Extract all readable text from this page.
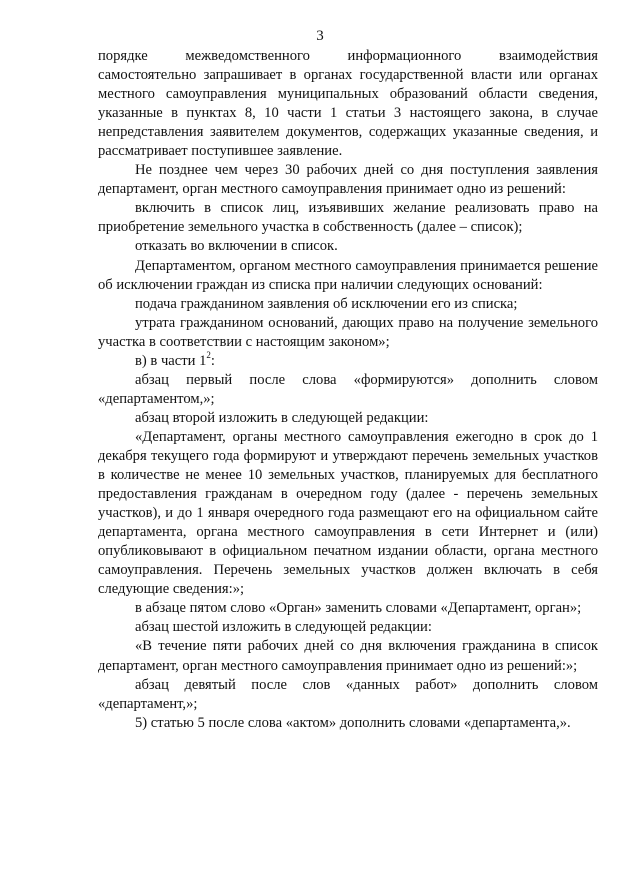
3

порядке межведомственного информационного взаимодействия самостоятельно запрашивает в органах государственной власти или органах местного самоуправления муниципальных образований области сведения, указанные в пунктах 8, 10 части 1 статьи 3 настоящего закона, в случае непредставления заявителем документов, содержащих указанные сведения, и рассматривает поступившее заявление.

Не позднее чем через 30 рабочих дней со дня поступления заявления департамент, орган местного самоуправления принимает одно из решений:

включить в список лиц, изъявивших желание реализовать право на приобретение земельного участка в собственность (далее – список);

отказать во включении в список.

Департаментом, органом местного самоуправления принимается решение об исключении граждан из списка при наличии следующих оснований:

подача гражданином заявления об исключении его из списка;

утрата гражданином оснований, дающих право на получение земельного участка в соответствии с настоящим законом»;

в) в части $1^2$:

абзац первый после слова «формируются» дополнить словом «департаментом,»;

абзац второй изложить в следующей редакции:

«Департамент, органы местного самоуправления ежегодно в срок до 1 декабря текущего года формируют и утверждают перечень земельных участков в количестве не менее 10 земельных участков, планируемых для бесплатного предоставления гражданам в очередном году (далее - перечень земельных участков), и до 1 января очередного года размещают его на официальном сайте департамента, органа местного самоуправления в сети Интернет и (или) опубликовывают в официальном печатном издании области, органа местного самоуправления. Перечень земельных участков должен включать в себя следующие сведения:»;

в абзаце пятом слово «Орган» заменить словами «Департамент, орган»;

абзац шестой изложить в следующей редакции:

«В течение пяти рабочих дней со дня включения гражданина в список департамент, орган местного самоуправления принимает одно из решений:»;

абзац девятый после слов «данных работ» дополнить словом «департамент,»;

5) статью 5 после слова «актом» дополнить словами «департамента,».
